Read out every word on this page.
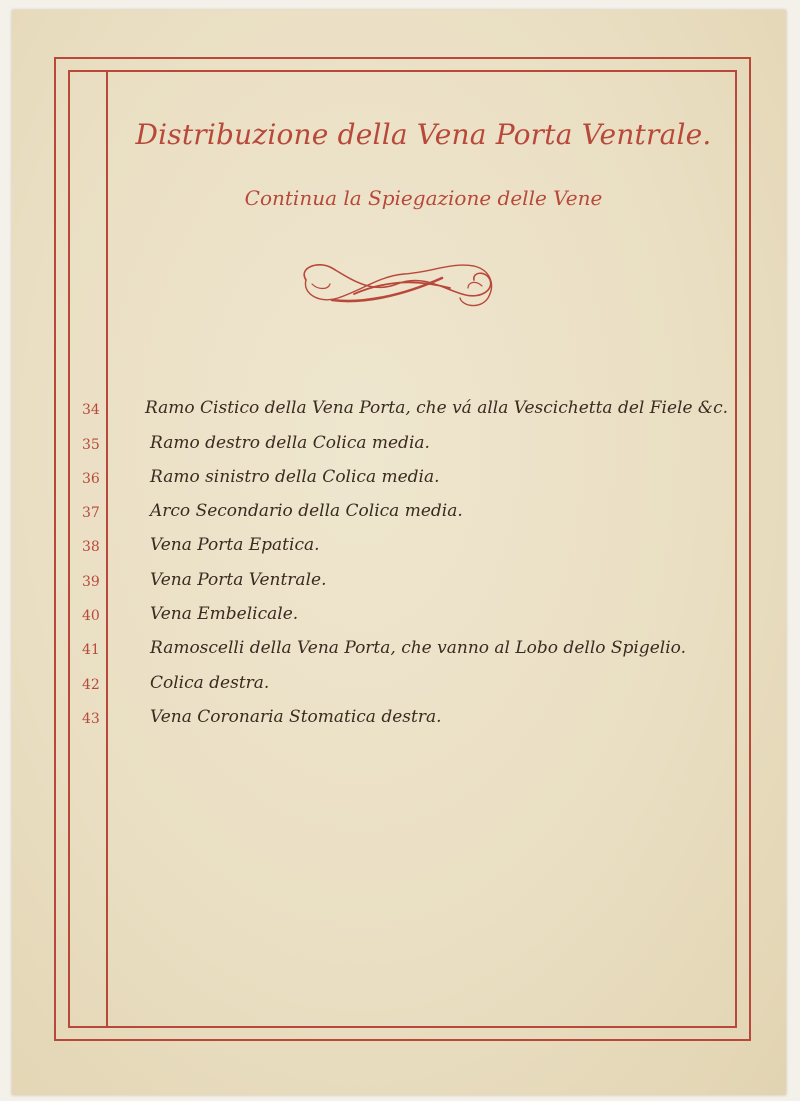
Distribuzione della Vena Porta Ventrale.
Continua la Spiegazione delle Vene
34	Ramo Cistico della Vena Porta, che vá alla Vescichetta del Fiele &c.
35	Ramo destro della Colica media.
36	Ramo sinistro della Colica media.
37	Arco Secondario della Colica media.
38	Vena Porta Epatica.
39	Vena Porta Ventrale.
40	Vena Embelicale.
41	Ramoscelli della Vena Porta, che vanno al Lobo dello Spigelio.
42	Colica destra.
43	Vena Coronaria Stomatica destra.
